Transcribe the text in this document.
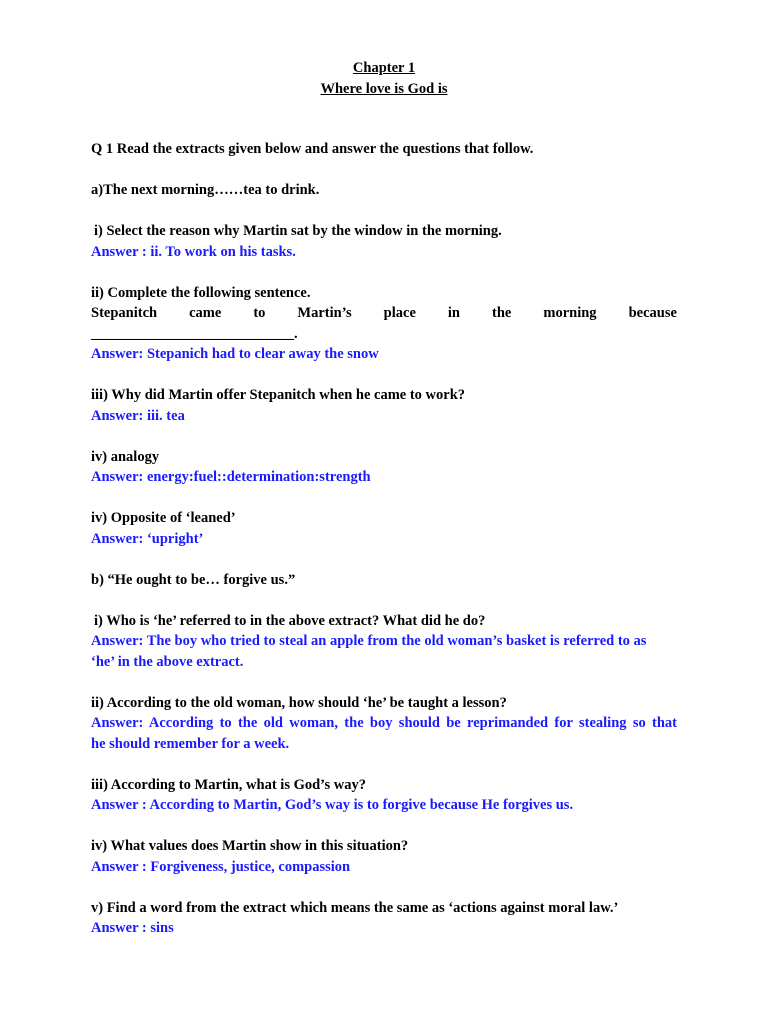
Chapter 1
Where love is God is

Q 1 Read the extracts given below and answer the questions that follow.

a)The next morning……tea to drink.

i) Select the reason why Martin sat by the window in the morning.

Answer : ii. To work on his tasks.

ii) Complete the following sentence.

Stepanitch came to Martin’s place in the morning because

____________________________.

Answer: Stepanich had to clear away the snow

iii) Why did Martin offer Stepanitch when he came to work?

Answer: iii. tea

iv) analogy

Answer: energy:fuel::determination:strength

iv) Opposite of ‘leaned’

Answer: ‘upright’

b) “He ought to be… forgive us.”

i) Who is ‘he’ referred to in the above extract? What did he do?

Answer: The boy who tried to steal an apple from the old woman’s basket is referred to as

‘he’ in the above extract.

ii) According to the old woman, how should ‘he’ be taught a lesson?

Answer: According to the old woman, the boy should be reprimanded for stealing so that

he should remember for a week.

iii) According to Martin, what is God’s way?

Answer : According to Martin, God’s way is to forgive because He forgives us.

iv) What values does Martin show in this situation?

Answer : Forgiveness, justice, compassion

v) Find a word from the extract which means the same as ‘actions against moral law.’

Answer : sins
